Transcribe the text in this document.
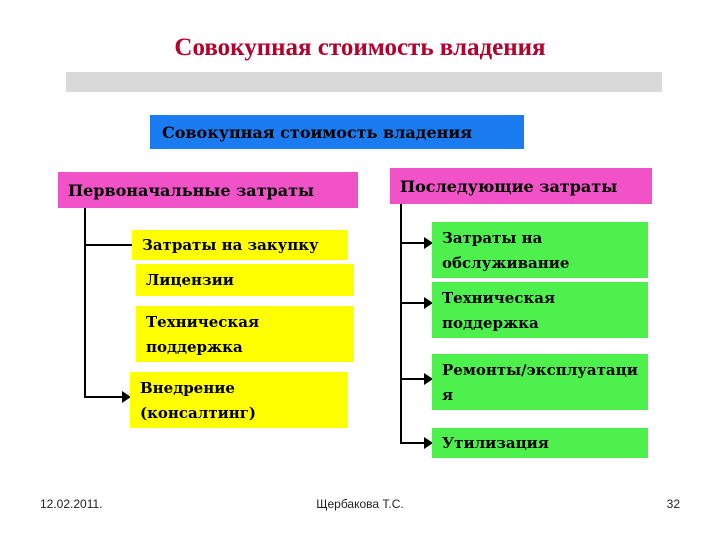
Совокупная стоимость владения
Совокупная стоимость владения
Первоначальные затраты	Последующие затраты
Затраты на закупку
Лицензии
Техническая поддержка
Внедрение (консалтинг)
Затраты на обслуживание
Техническая поддержка
Ремонты/эксплуатация
Утилизация
12.02.2011.	Щербакова Т.С.	32
